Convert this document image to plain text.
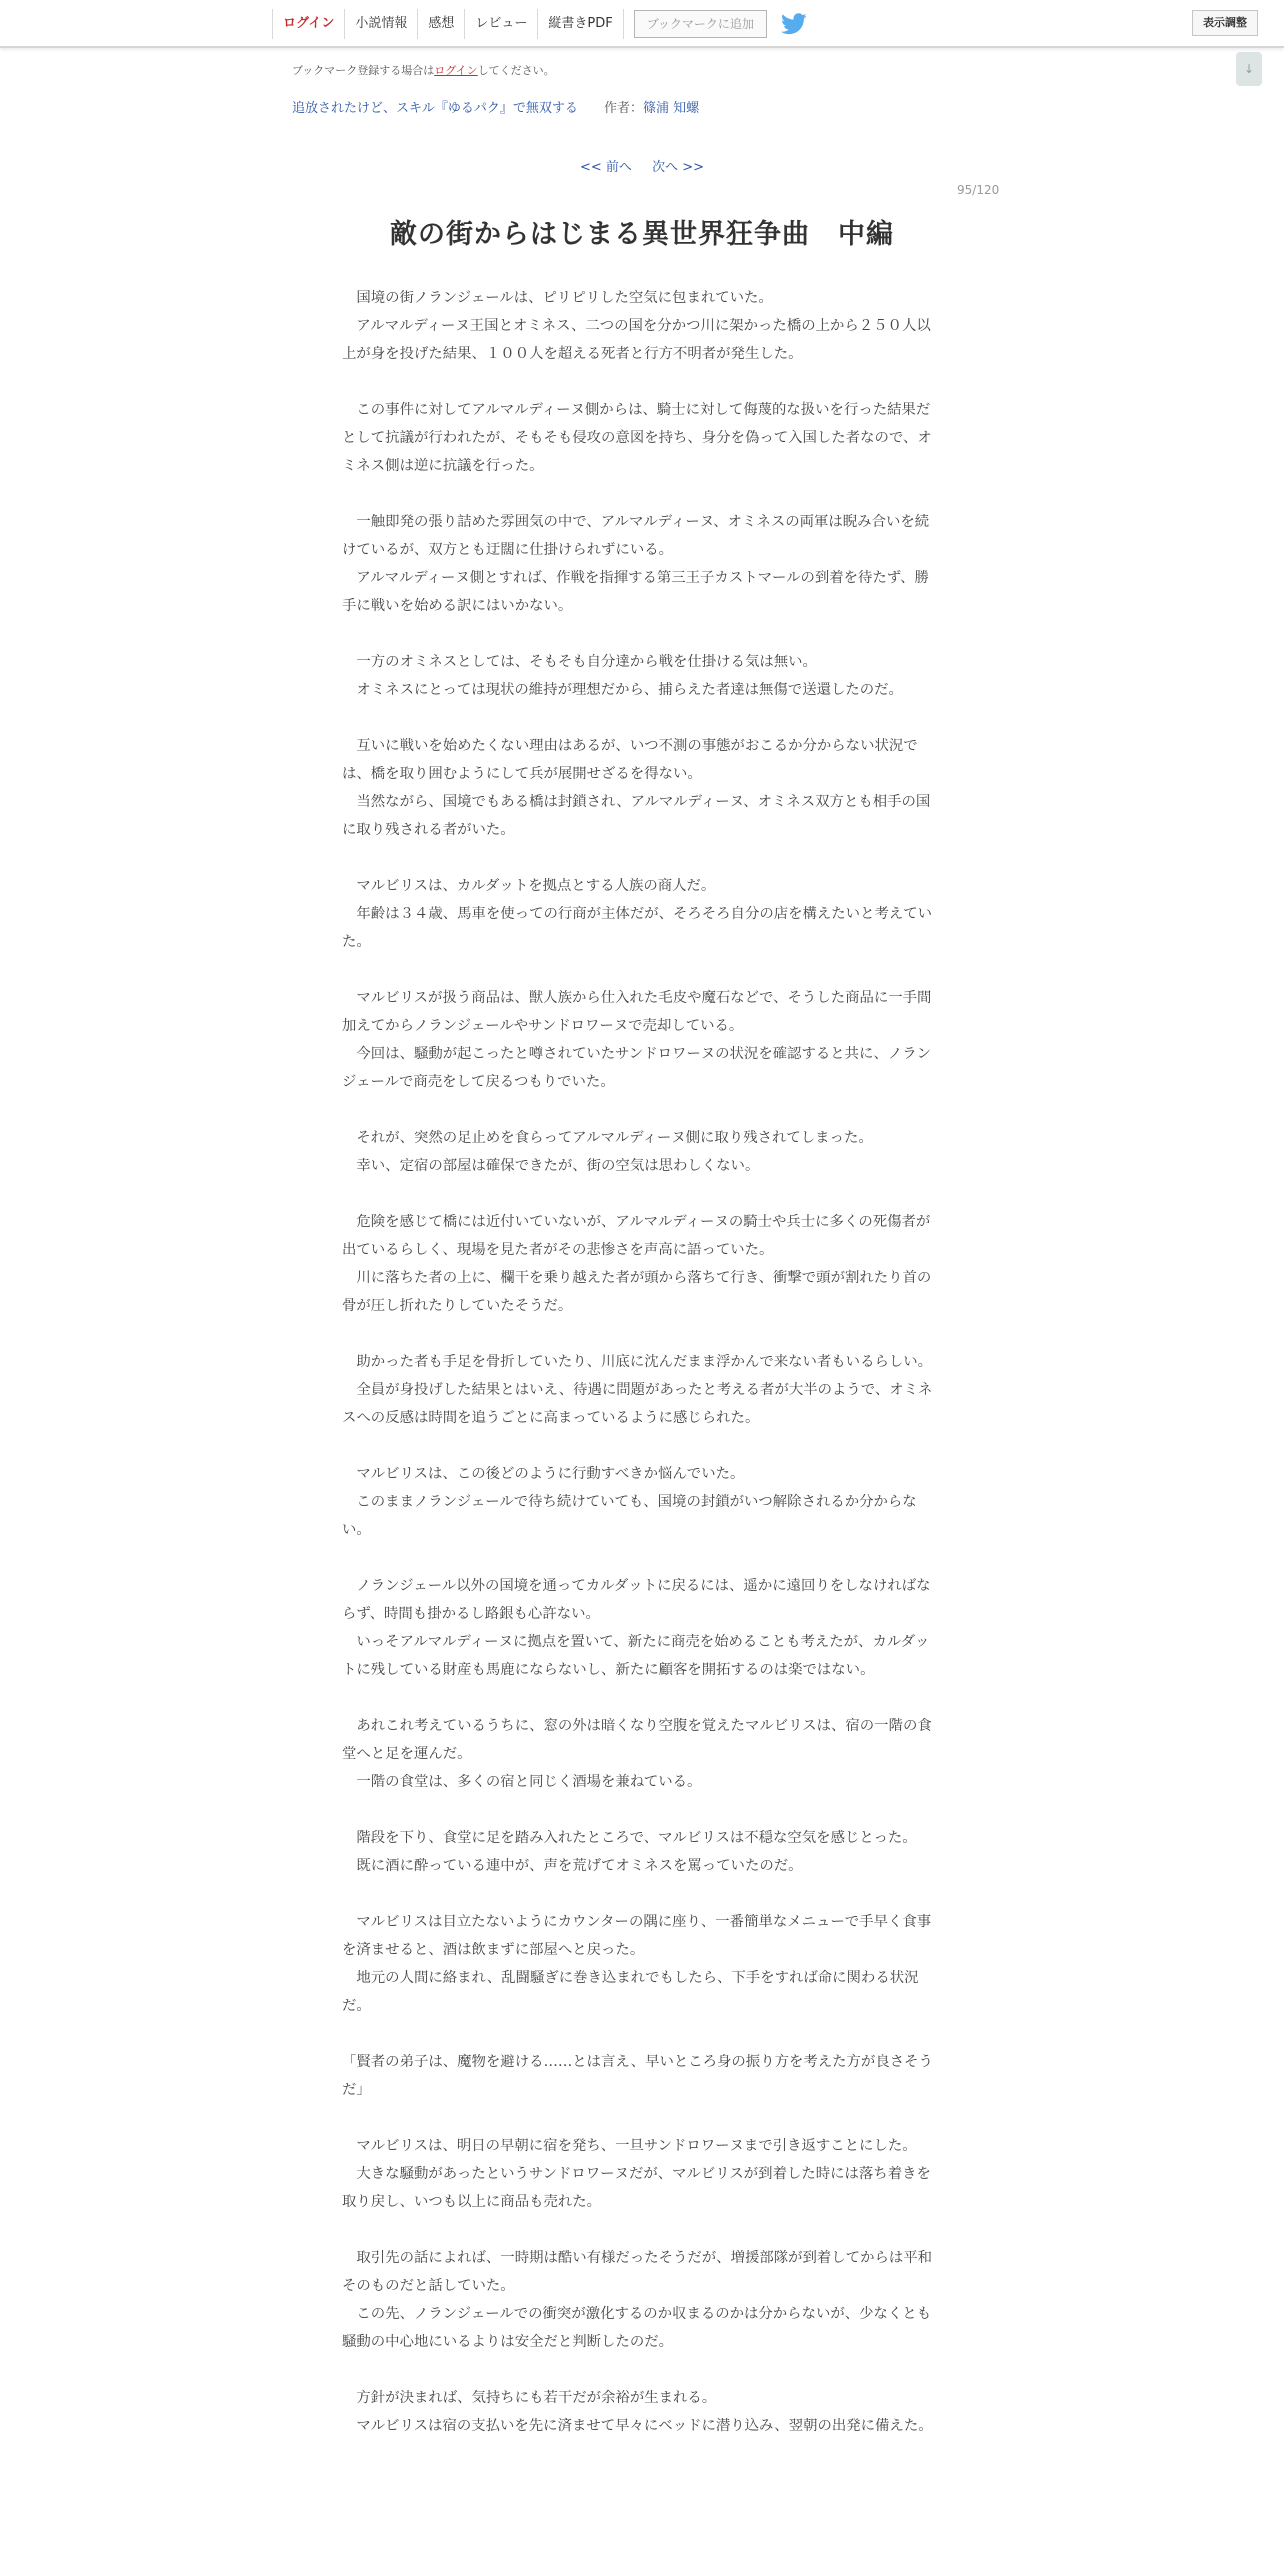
ログイン	小説情報	感想	レビュー	縦書きPDF	ブックマークに追加	表示調整
↓
ブックマーク登録する場合はログインしてください。
追放されたけど、スキル『ゆるパク』で無双する 作者：篠浦 知螺
<< 前へ 次へ >>
95/120
敵の街からはじまる異世界狂争曲　中編

　国境の街ノランジェールは、ピリピリした空気に包まれていた。

　アルマルディーヌ王国とオミネス、二つの国を分かつ川に架かった橋の上から２５０人以上が身を投げた結果、１００人を超える死者と行方不明者が発生した。

　この事件に対してアルマルディーヌ側からは、騎士に対して侮蔑的な扱いを行った結果だとして抗議が行われたが、そもそも侵攻の意図を持ち、身分を偽って入国した者なので、オミネス側は逆に抗議を行った。

　一触即発の張り詰めた雰囲気の中で、アルマルディーヌ、オミネスの両軍は睨み合いを続けているが、双方とも迂闊に仕掛けられずにいる。

　アルマルディーヌ側とすれば、作戦を指揮する第三王子カストマールの到着を待たず、勝手に戦いを始める訳にはいかない。

　一方のオミネスとしては、そもそも自分達から戦を仕掛ける気は無い。

　オミネスにとっては現状の維持が理想だから、捕らえた者達は無傷で送還したのだ。

　互いに戦いを始めたくない理由はあるが、いつ不測の事態がおこるか分からない状況では、橋を取り囲むようにして兵が展開せざるを得ない。

　当然ながら、国境でもある橋は封鎖され、アルマルディーヌ、オミネス双方とも相手の国に取り残される者がいた。

　マルビリスは、カルダットを拠点とする人族の商人だ。

　年齢は３４歳、馬車を使っての行商が主体だが、そろそろ自分の店を構えたいと考えていた。

　マルビリスが扱う商品は、獣人族から仕入れた毛皮や魔石などで、そうした商品に一手間加えてからノランジェールやサンドロワーヌで売却している。

　今回は、騒動が起こったと噂されていたサンドロワーヌの状況を確認すると共に、ノランジェールで商売をして戻るつもりでいた。

　それが、突然の足止めを食らってアルマルディーヌ側に取り残されてしまった。

　幸い、定宿の部屋は確保できたが、街の空気は思わしくない。

　危険を感じて橋には近付いていないが、アルマルディーヌの騎士や兵士に多くの死傷者が出ているらしく、現場を見た者がその悲惨さを声高に語っていた。

　川に落ちた者の上に、欄干を乗り越えた者が頭から落ちて行き、衝撃で頭が割れたり首の骨が圧し折れたりしていたそうだ。

　助かった者も手足を骨折していたり、川底に沈んだまま浮かんで来ない者もいるらしい。

　全員が身投げした結果とはいえ、待遇に問題があったと考える者が大半のようで、オミネスへの反感は時間を追うごとに高まっているように感じられた。

　マルビリスは、この後どのように行動すべきか悩んでいた。

　このままノランジェールで待ち続けていても、国境の封鎖がいつ解除されるか分からない。

　ノランジェール以外の国境を通ってカルダットに戻るには、遥かに遠回りをしなければならず、時間も掛かるし路銀も心許ない。

　いっそアルマルディーヌに拠点を置いて、新たに商売を始めることも考えたが、カルダットに残している財産も馬鹿にならないし、新たに顧客を開拓するのは楽ではない。

　あれこれ考えているうちに、窓の外は暗くなり空腹を覚えたマルビリスは、宿の一階の食堂へと足を運んだ。

　一階の食堂は、多くの宿と同じく酒場を兼ねている。

　階段を下り、食堂に足を踏み入れたところで、マルビリスは不穏な空気を感じとった。

　既に酒に酔っている連中が、声を荒げてオミネスを罵っていたのだ。

　マルビリスは目立たないようにカウンターの隅に座り、一番簡単なメニューで手早く食事を済ませると、酒は飲まずに部屋へと戻った。

　地元の人間に絡まれ、乱闘騒ぎに巻き込まれでもしたら、下手をすれば命に関わる状況だ。

「賢者の弟子は、魔物を避ける……とは言え、早いところ身の振り方を考えた方が良さそうだ」

　マルビリスは、明日の早朝に宿を発ち、一旦サンドロワーヌまで引き返すことにした。

　大きな騒動があったというサンドロワーヌだが、マルビリスが到着した時には落ち着きを取り戻し、いつも以上に商品も売れた。

　取引先の話によれば、一時期は酷い有様だったそうだが、増援部隊が到着してからは平和そのものだと話していた。

　この先、ノランジェールでの衝突が激化するのか収まるのかは分からないが、少なくとも騒動の中心地にいるよりは安全だと判断したのだ。

　方針が決まれば、気持ちにも若干だが余裕が生まれる。

　マルビリスは宿の支払いを先に済ませて早々にベッドに潜り込み、翌朝の出発に備えた。
